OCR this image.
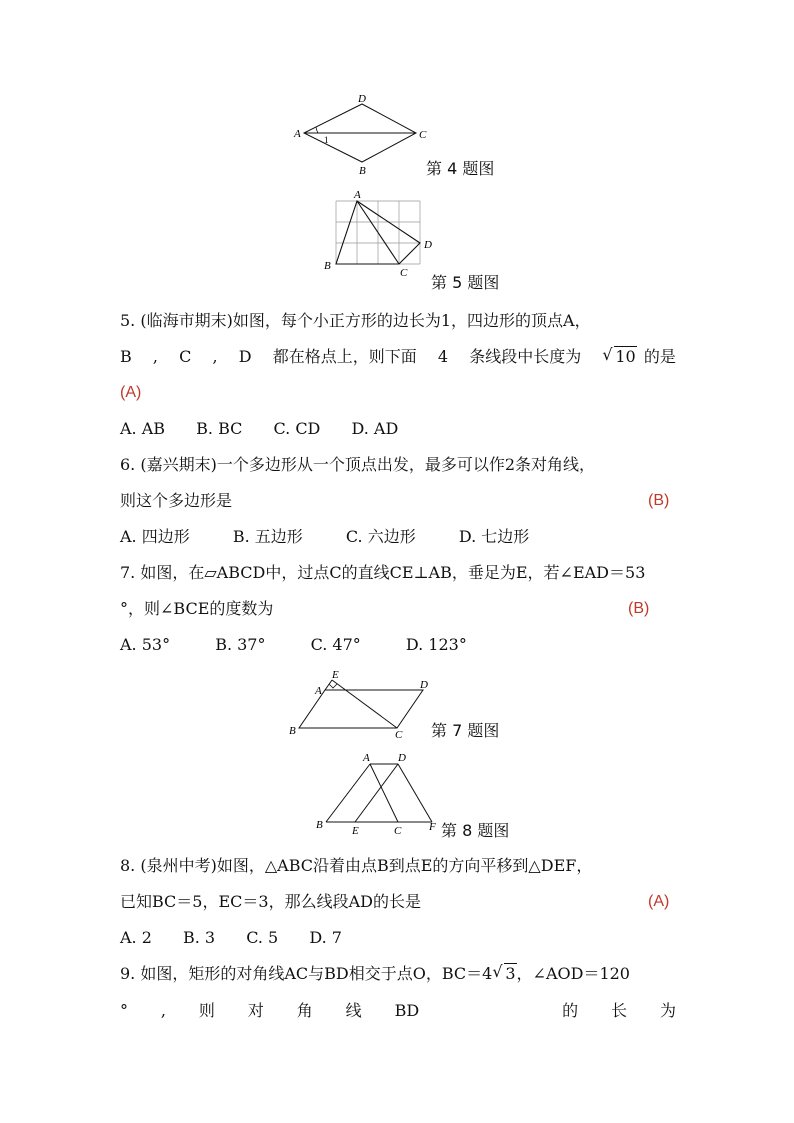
A
D
C
B
1
第 4 题图
A
B
C
D
第 5 题图
5. (临海市期末)如图，每个小正方形的边长为1，四边形的顶点A，
B , C , D 都在格点上，则下面 4 条线段中长度为 √ 10 的是
(A)
A. AB B. BC C. CD D. AD
6. (嘉兴期末)一个多边形从一个顶点出发，最多可以作2条对角线，
则这个多边形是	(B)
A. 四边形	B. 五边形	C. 六边形	D. 七边形
7. 如图，在▱ABCD中，过点C的直线CE⊥AB，垂足为E，若∠EAD＝53
°，则∠BCE的度数为	(B)
A. 53°	B. 37°	C. 47°	D. 123°
A
E
D
B	C 第 7 题图
A	D
B	E	C	F 第 8 题图
8. (泉州中考)如图，△ABC沿着由点B到点E的方向平移到△DEF，
已知BC＝5，EC＝3，那么线段AD的长是	(A)
A. 2 B. 3 C. 5 D. 7
9. 如图，矩形的对角线AC与BD相交于点O，BC＝4 √ 3，∠AOD＝120
° , 则 对 角 线 BD	的 长 为
